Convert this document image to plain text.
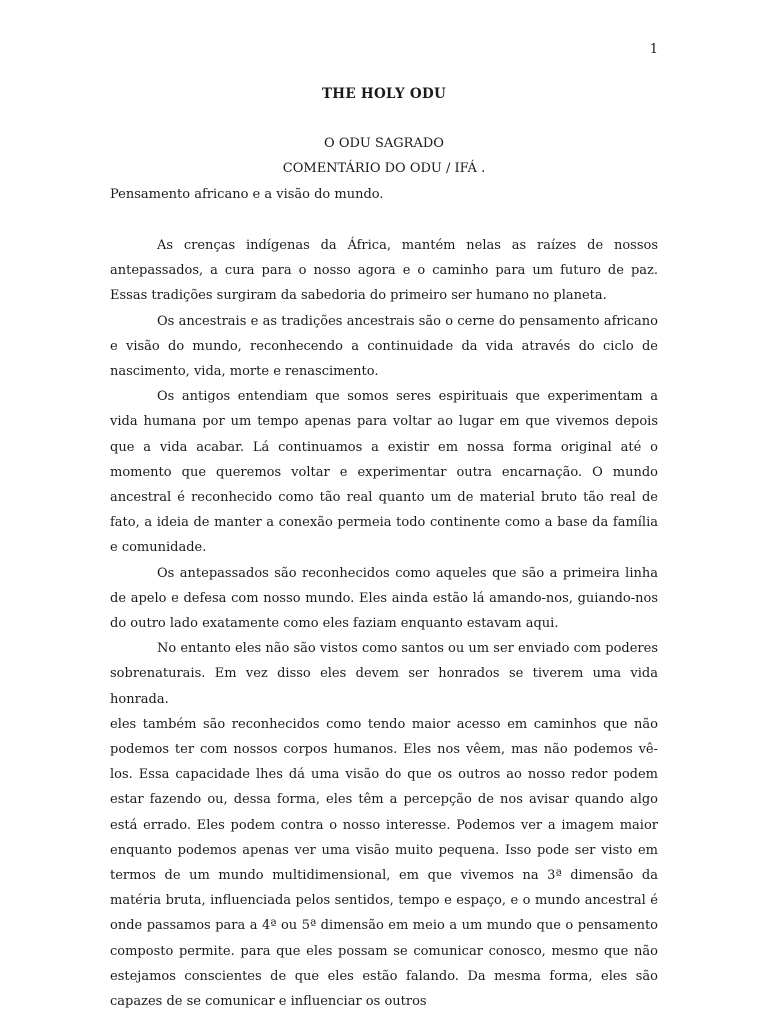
1
THE HOLY ODU
O ODU SAGRADO
COMENTÁRIO DO ODU / IFÁ .
Pensamento africano e a visão do mundo.

As crenças indígenas da África, mantém nelas as raízes de nossos antepassados, a cura para o nosso agora e o caminho para um futuro de paz. Essas tradições surgiram da sabedoria do primeiro ser humano no planeta.

Os ancestrais e as tradições ancestrais são o cerne do pensamento africano e visão do mundo, reconhecendo a continuidade da vida através do ciclo de nascimento, vida, morte e renascimento.

Os antigos entendiam que somos seres espirituais que experimentam a vida humana por um tempo apenas para voltar ao lugar em que vivemos depois que a vida acabar. Lá continuamos a existir em nossa forma original até o momento que queremos voltar e experimentar outra encarnação. O mundo ancestral é reconhecido como tão real quanto um de material bruto tão real de fato, a ideia de manter a conexão permeia todo continente como a base da família e comunidade.

Os antepassados são reconhecidos como aqueles que são a primeira linha de apelo e defesa com nosso mundo. Eles ainda estão lá amando-nos, guiando-nos do outro lado exatamente como eles faziam enquanto estavam aqui.

No entanto eles não são vistos como santos ou um ser enviado com poderes sobrenaturais. Em vez disso eles devem ser honrados se tiverem uma vida honrada.

eles também são reconhecidos como tendo maior acesso em caminhos que não podemos ter com nossos corpos humanos. Eles nos vêem, mas não podemos vê-los. Essa capacidade lhes dá uma visão do que os outros ao nosso redor podem estar fazendo ou, dessa forma, eles têm a percepção de nos avisar quando algo está errado. Eles podem contra o nosso interesse. Podemos ver a imagem maior enquanto podemos apenas ver uma visão muito pequena. Isso pode ser visto em termos de um mundo multidimensional, em que vivemos na 3ª dimensão da matéria bruta, influenciada pelos sentidos, tempo e espaço, e o mundo ancestral é onde passamos para a 4ª ou 5ª dimensão em meio a um mundo que o pensamento composto permite. para que eles possam se comunicar conosco, mesmo que não estejamos conscientes de que eles estão falando. Da mesma forma, eles são capazes de se comunicar e influenciar os outros
